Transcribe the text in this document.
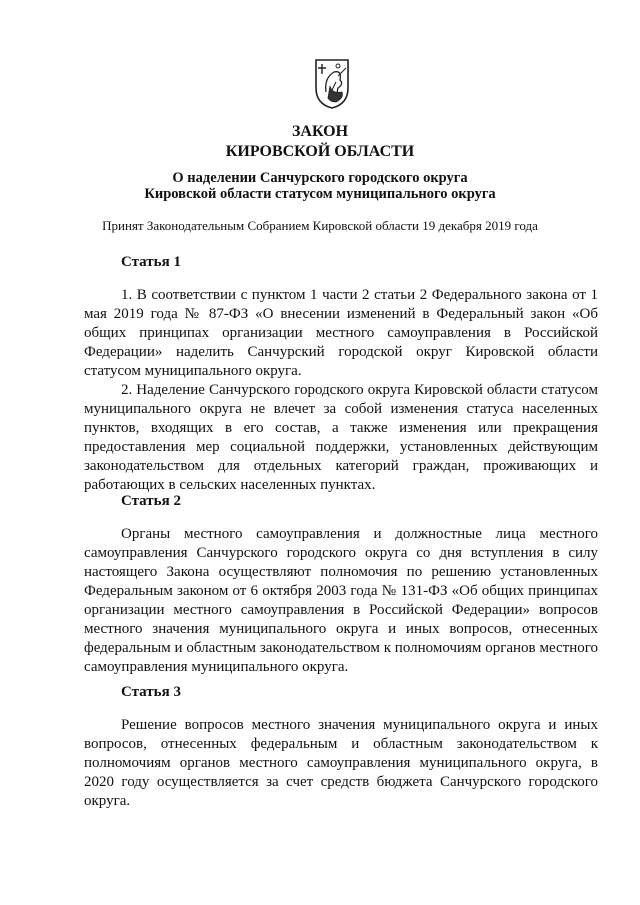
ЗАКОН
КИРОВСКОЙ ОБЛАСТИ
О наделении Санчурского городского округа
Кировской области статусом муниципального округа
Принят Законодательным Собранием Кировской области 19 декабря 2019 года
Статья 1

1. В соответствии с пунктом 1 части 2 статьи 2 Федерального закона от 1 мая 2019 года № 87-ФЗ «О внесении изменений в Федеральный закон «Об общих принципах организации местного самоуправления в Российской Федерации» наделить Санчурский городской округ Кировской области статусом муниципального округа.

2. Наделение Санчурского городского округа Кировской области статусом муниципального округа не влечет за собой изменения статуса населенных пунктов, входящих в его состав, а также изменения или прекращения предоставления мер социальной поддержки, установленных действующим законодательством для отдельных категорий граждан, проживающих и работающих в сельских населенных пунктах.

Статья 2

Органы местного самоуправления и должностные лица местного самоуправления Санчурского городского округа со дня вступления в силу настоящего Закона осуществляют полномочия по решению установленных Федеральным законом от 6 октября 2003 года № 131-ФЗ «Об общих принципах организации местного самоуправления в Российской Федерации» вопросов местного значения муниципального округа и иных вопросов, отнесенных федеральным и областным законодательством к полномочиям органов местного самоуправления муниципального округа.

Статья 3

Решение вопросов местного значения муниципального округа и иных вопросов, отнесенных федеральным и областным законодательством к полномочиям органов местного самоуправления муниципального округа, в 2020 году осуществляется за счет средств бюджета Санчурского городского округа.
